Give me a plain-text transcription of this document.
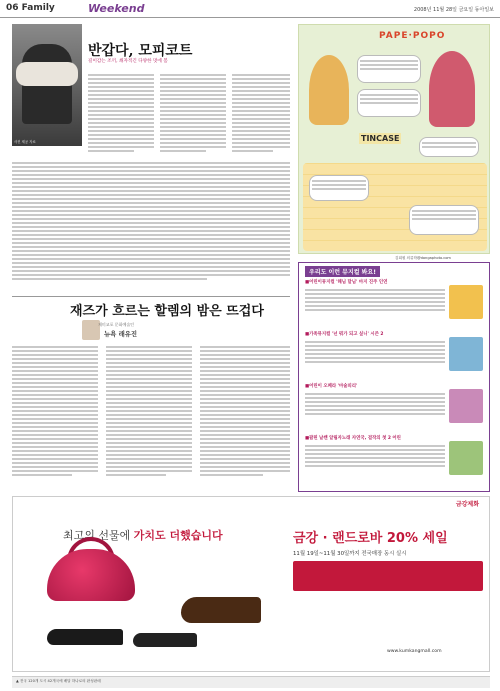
06 Family	Weekend	2008년 11월 28일 금요일 동아일보
사진 제공 자료
반갑다, 모피코트
길이감는 조끼, 쇄자적긴 다양한 멋에 봄
재즈가 흐르는 할렘의 밤은 뜨겁다
재미교포 문화예술인
뉴욕 래유진
PAPE·POPO
TINCASE
김희원 의류학@dongaphoto.com
우리도 이런 뮤지컬 봐요!
■어린이뮤지컬 '해님 달님' 마지 진주 인연
■가족뮤지컬 '넌 뭐가 되고 싶니' 시즌 2
■어린이 오페라 '마술피리'
■팝핀 날쌘 알림자노래 자연국, 걸작의 첫 2 어린
금강제화
최고의 선물에 가치도 더했습니다	금강 · 랜드로바 20% 세일
11월 19일~11월 30일까지 전국매장 동시 실시
www.kumkangmall.com
▲ 전국 120개 도시 42개국에 배달 하나로의 완성판매
